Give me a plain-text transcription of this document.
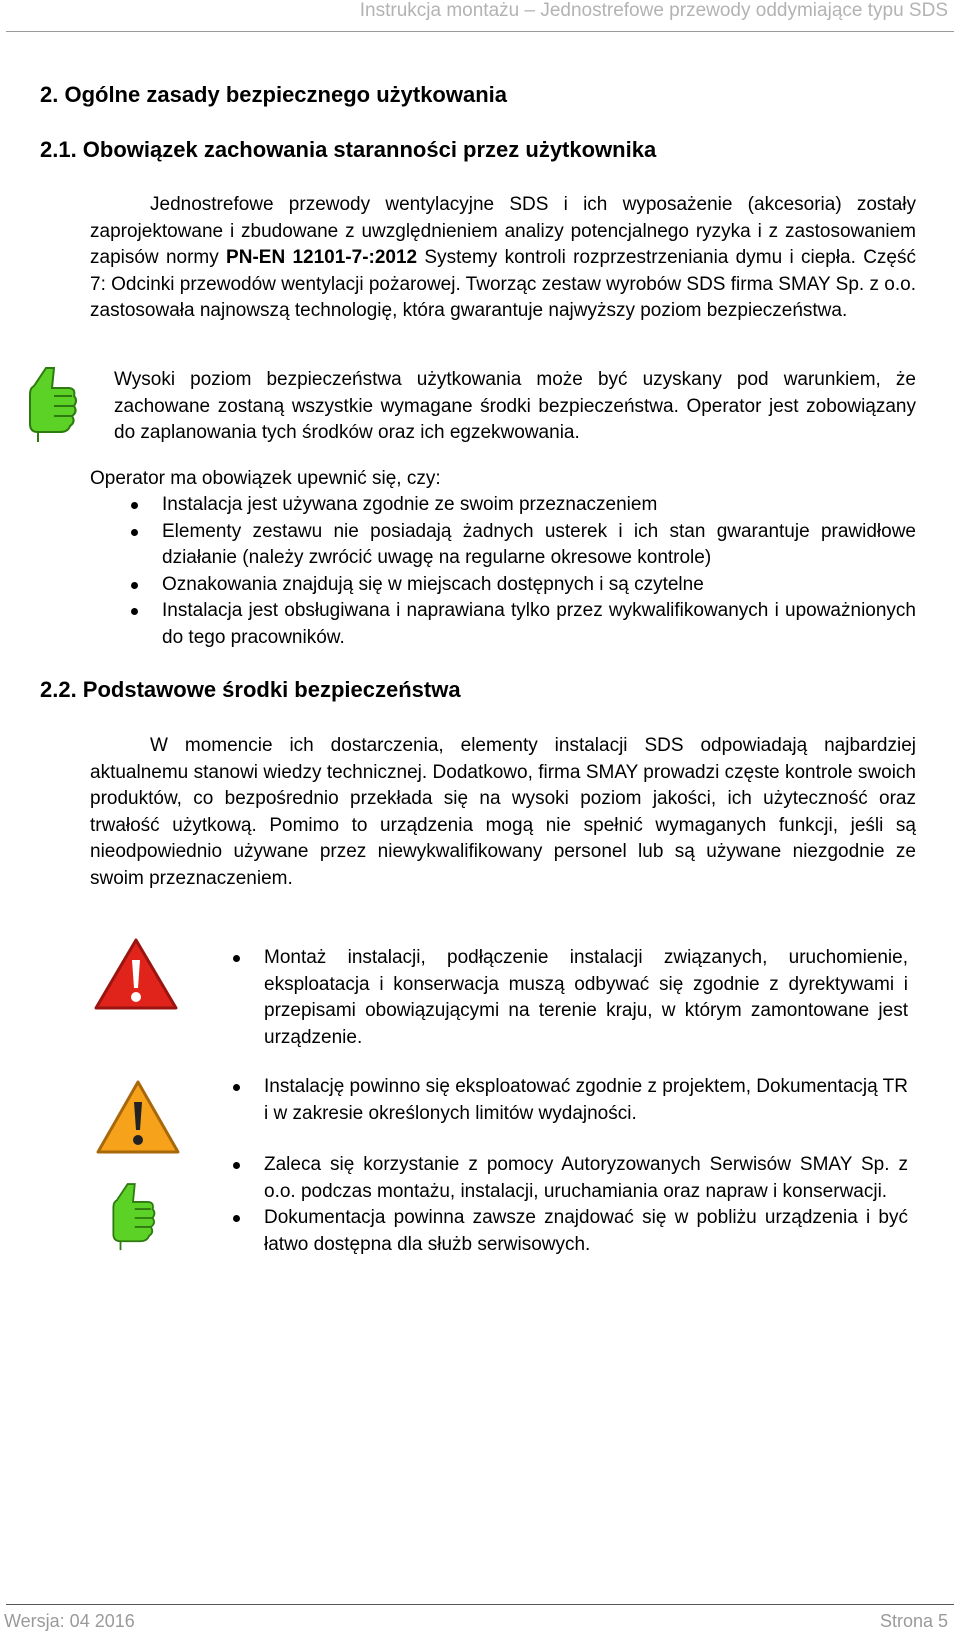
Instrukcja montażu – Jednostrefowe przewody oddymiające typu SDS
2. Ogólne zasady bezpiecznego użytkowania
2.1. Obowiązek zachowania staranności przez użytkownika
Jednostrefowe przewody wentylacyjne SDS i ich wyposażenie (akcesoria) zostały zaprojektowane i zbudowane z uwzględnieniem analizy potencjalnego ryzyka i z zastosowaniem zapisów normy PN-EN 12101-7-:2012 Systemy kontroli rozprzestrzeniania dymu i ciepła. Część 7: Odcinki przewodów wentylacji pożarowej. Tworząc zestaw wyrobów SDS firma SMAY Sp. z o.o. zastosowała najnowszą technologię, która gwarantuje najwyższy poziom bezpieczeństwa.
Wysoki poziom bezpieczeństwa użytkowania może być uzyskany pod warunkiem, że zachowane zostaną wszystkie wymagane środki bezpieczeństwa. Operator jest zobowiązany do zaplanowania tych środków oraz ich egzekwowania.
Operator ma obowiązek upewnić się, czy:
Instalacja jest używana zgodnie ze swoim przeznaczeniem
Elementy zestawu nie posiadają żadnych usterek i ich stan gwarantuje prawidłowe działanie (należy zwrócić uwagę na regularne okresowe kontrole)
Oznakowania znajdują się w miejscach dostępnych i są czytelne
Instalacja jest obsługiwana i naprawiana tylko przez wykwalifikowanych i upoważnionych do tego pracowników.
2.2. Podstawowe środki bezpieczeństwa
W momencie ich dostarczenia, elementy instalacji SDS odpowiadają najbardziej aktualnemu stanowi wiedzy technicznej. Dodatkowo, firma SMAY prowadzi częste kontrole swoich produktów, co bezpośrednio przekłada się na wysoki poziom jakości, ich użyteczność oraz trwałość użytkową. Pomimo to urządzenia mogą nie spełnić wymaganych funkcji, jeśli są nieodpowiednio używane przez niewykwalifikowany personel lub są używane niezgodnie ze swoim przeznaczeniem.
Montaż instalacji, podłączenie instalacji związanych, uruchomienie, eksploatacja i konserwacja muszą odbywać się zgodnie z dyrektywami i przepisami obowiązującymi na terenie kraju, w którym zamontowane jest urządzenie.
Instalację powinno się eksploatować zgodnie z projektem, Dokumentacją TR i w zakresie określonych limitów wydajności.
Zaleca się korzystanie z pomocy Autoryzowanych Serwisów SMAY Sp. z o.o. podczas montażu, instalacji, uruchamiania oraz napraw i konserwacji.
Dokumentacja powinna zawsze znajdować się w pobliżu urządzenia i być łatwo dostępna dla służb serwisowych.
Wersja: 04 2016	Strona 5
